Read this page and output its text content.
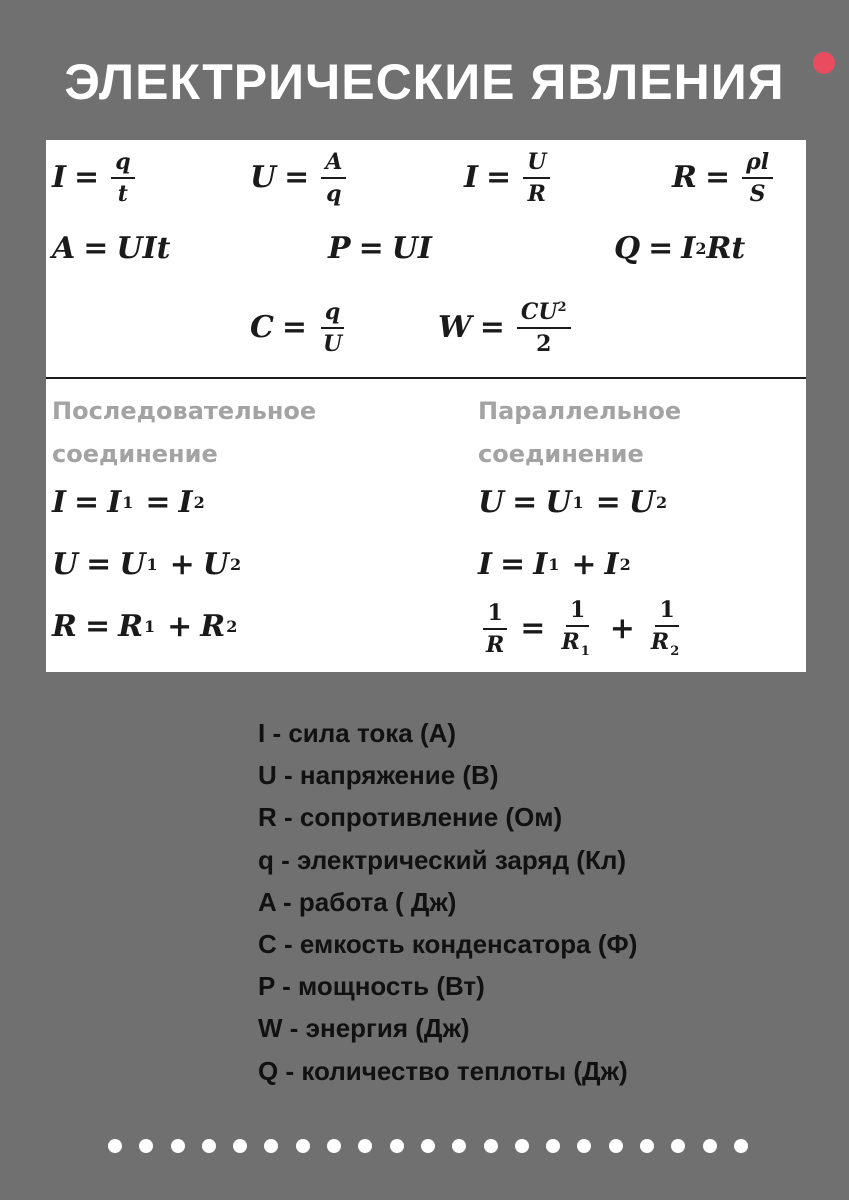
ЭЛЕКТРИЧЕСКИЕ ЯВЛЕНИЯ
$I = \frac{q}{t}$	$U = \frac{A}{q}$	$I = \frac{U}{R}$	$R = \frac{\rho l}{S}$
A = UIt	P = UI	Q = I 2 Rt
$C = \frac{q}{U}$	$W = \frac{CU^2}{2}$
Последовательное
соединение
I = I 1 = I 2
U = U 1 + U 2
R = R 1 + R 2
Параллельное
соединение
U = U 1 = U 2
I = I 1 + I 2
$\frac{1}{R} = \frac{1}{R_1} + \frac{1}{R_2}$
I - сила тока (А)
U - напряжение (В)
R - сопротивление (Ом)
q - электрический заряд (Кл)
A - работа ( Дж)
C - емкость конденсатора (Ф)
P - мощность (Вт)
W - энергия (Дж)
Q - количество теплоты (Дж)
